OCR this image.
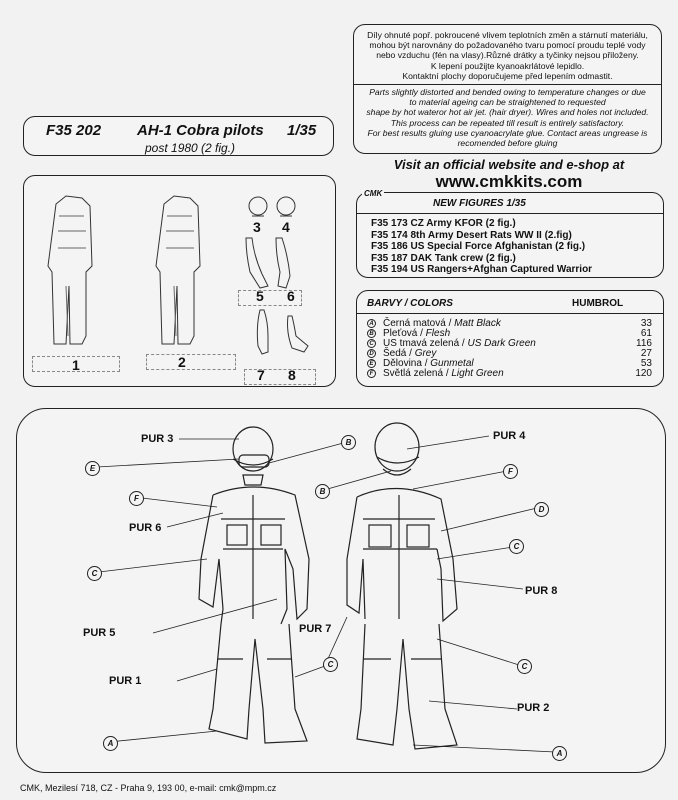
Díly ohnuté popř. pokroucené vlivem teplotních změn a stárnutí materiálu,
mohou být narovnány do požadovaného tvaru pomocí proudu teplé vody
nebo vzduchu (fén na vlasy).Různé drátky a tyčinky nejsou přiloženy.
K lepení použijte kyanoakrlátové lepidlo.
Kontaktní plochy doporučujeme před lepením odmastit.
Parts slightly distorted and bended owing to temperature changes or due
to material ageing can be straightened to requested
shape by hot wateror hot air jet. (hair dryer). Wires and holes not included.
This process can be repeated till result is entirely satisfactory.
For best results gluing use cyanoacrylate glue. Contact areas ungrease is
recomended before gluing
F35 202 AH-1 Cobra pilots 1/35
post 1980 (2 fig.)
Visit an official website and e-shop at
www.cmkkits.com
1	2
3 4
5 6
7 8
CMK
NEW FIGURES 1/35
F35 173 CZ Army KFOR (2 fig.)
F35 174 8th Army Desert Rats WW II (2.fig)
F35 186 US Special Force Afghanistan (2 fig.)
F35 187 DAK Tank crew (2 fig.)
F35 194 US Rangers+Afghan Captured Warrior
BARVY / COLORS	HUMBROL
A Černá matová / Matt Black	33
B Pleťová / Flesh	61
C US tmavá zelená / US Dark Green	116
D Šedá / Grey	27
E Dělovina / Gunmetal	53
F Světlá zelená / Light Green	120
PUR 3
PUR 6
PUR 5
PUR 1
PUR 4
PUR 7
PUR 8
PUR 2
B
E
F
C
A
C
F
B
D
C
C
A
CMK, Mezilesí 718, CZ - Praha 9, 193 00, e-mail: cmk@mpm.cz
